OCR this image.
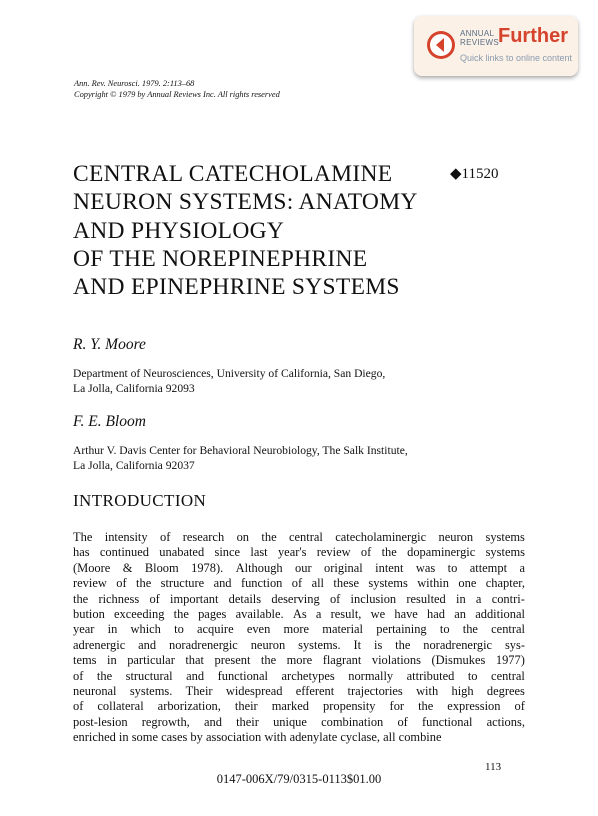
ANNUAL REVIEWS Further
Quick links to online content
Ann. Rev. Neurosci. 1979. 2:113–68
Copyright © 1979 by Annual Reviews Inc. All rights reserved
CENTRAL CATECHOLAMINE
NEURON SYSTEMS: ANATOMY
AND PHYSIOLOGY
OF THE NOREPINEPHRINE
AND EPINEPHRINE SYSTEMS
◆11520
R. Y. Moore
Department of Neurosciences, University of California, San Diego,
La Jolla, California 92093
F. E. Bloom
Arthur V. Davis Center for Behavioral Neurobiology, The Salk Institute,
La Jolla, California 92037
INTRODUCTION
The intensity of research on the central catecholaminergic neuron systems
has continued unabated since last year's review of the dopaminergic systems
(Moore & Bloom 1978). Although our original intent was to attempt a
review of the structure and function of all these systems within one chapter,
the richness of important details deserving of inclusion resulted in a contri-
bution exceeding the pages available. As a result, we have had an additional
year in which to acquire even more material pertaining to the central
adrenergic and noradrenergic neuron systems. It is the noradrenergic sys-
tems in particular that present the more flagrant violations (Dismukes 1977)
of the structural and functional archetypes normally attributed to central
neuronal systems. Their widespread efferent trajectories with high degrees
of collateral arborization, their marked propensity for the expression of
post-lesion regrowth, and their unique combination of functional actions,
enriched in some cases by association with adenylate cyclase, all combine
113
0147-006X/79/0315-0113$01.00
